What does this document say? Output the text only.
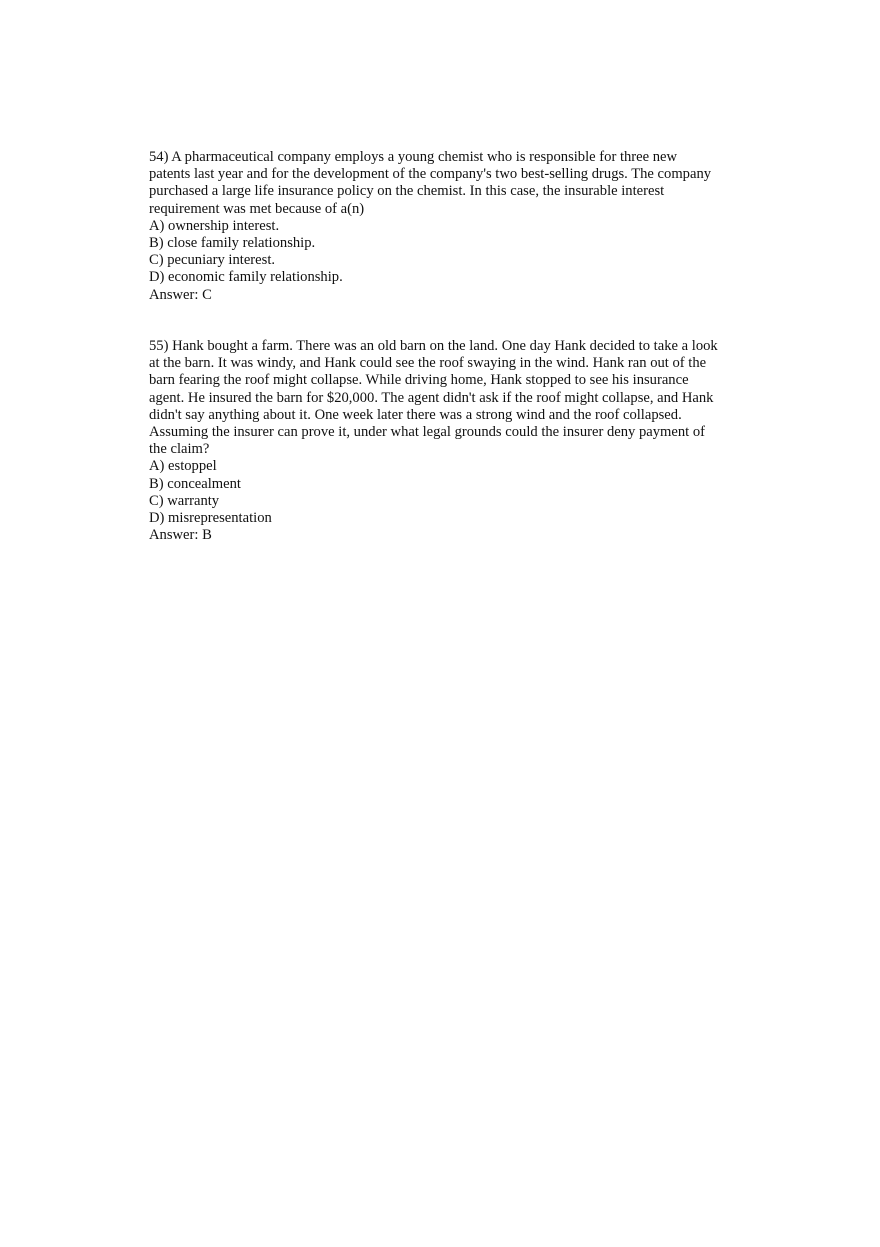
54) A pharmaceutical company employs a young chemist who is responsible for three new
patents last year and for the development of the company's two best-selling drugs. The company
purchased a large life insurance policy on the chemist. In this case, the insurable interest
requirement was met because of a(n)
A) ownership interest.
B) close family relationship.
C) pecuniary interest.
D) economic family relationship.
Answer: C
55) Hank bought a farm. There was an old barn on the land. One day Hank decided to take a look
at the barn. It was windy, and Hank could see the roof swaying in the wind. Hank ran out of the
barn fearing the roof might collapse. While driving home, Hank stopped to see his insurance
agent. He insured the barn for $20,000. The agent didn't ask if the roof might collapse, and Hank
didn't say anything about it. One week later there was a strong wind and the roof collapsed.
Assuming the insurer can prove it, under what legal grounds could the insurer deny payment of
the claim?
A) estoppel
B) concealment
C) warranty
D) misrepresentation
Answer: B
